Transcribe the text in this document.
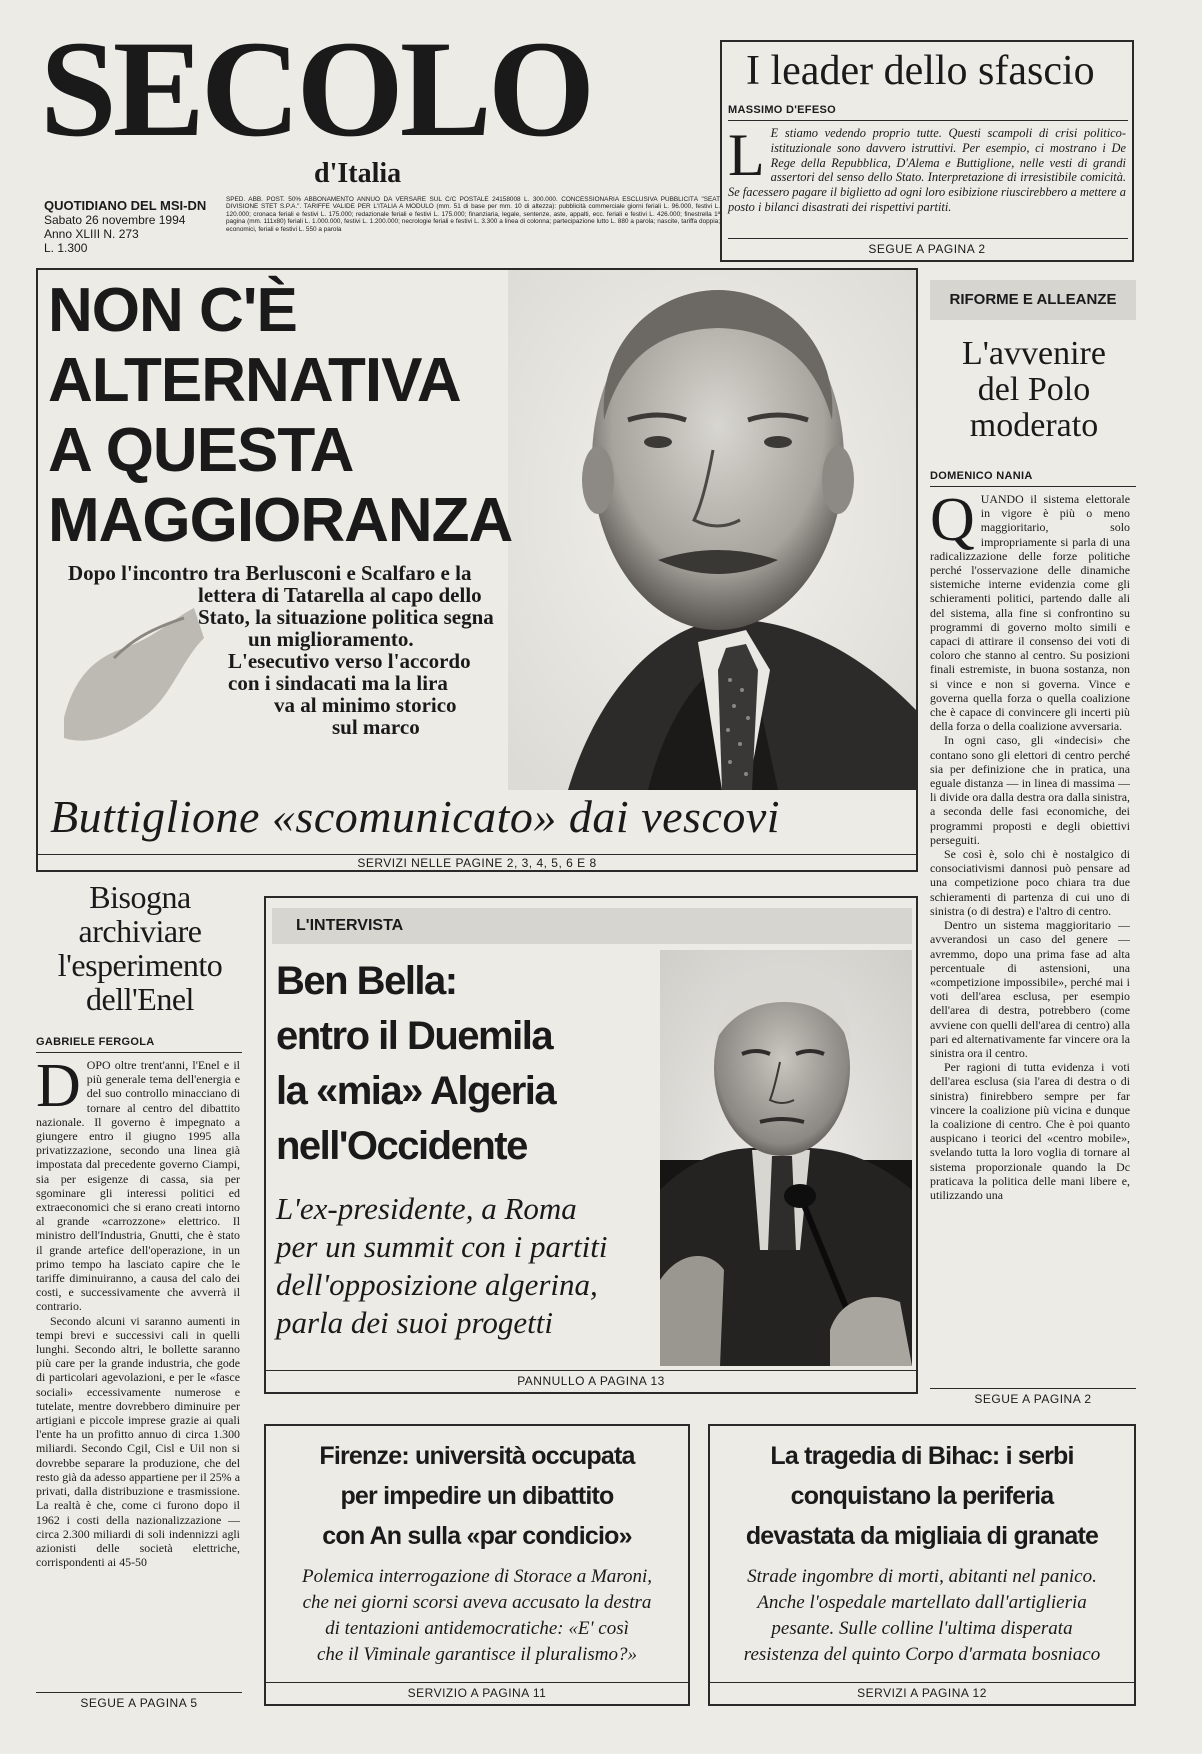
SECOLO
d'Italia
QUOTIDIANO DEL MSI-DN
Sabato 26 novembre 1994
Anno XLIII N. 273
L. 1.300
SPED. ABB. POST. 50% ABBONAMENTO ANNUO DA VERSARE SUL C/C POSTALE 24158008 L. 300.000. CONCESSIONARIA ESCLUSIVA PUBBLICITÀ "SEAT DIVISIONE STET S.P.A.". TARIFFE VALIDE PER L'ITALIA A MODULO (mm. 51 di base per mm. 10 di altezza): pubblicità commerciale giorni feriali L. 96.000, festivi L. 120.000; cronaca feriali e festivi L. 175.000; redazionale feriali e festivi L. 175.000; finanziaria, legale, sentenze, aste, appalti, ecc. feriali e festivi L. 426.000; finestrella 1ª pagina (mm. 111x80) feriali L. 1.000.000, festivi L. 1.200.000; necrologie feriali e festivi L. 3.300 a linea di colonna; partecipazione lutto L. 880 a parola; nascite, tariffa doppia; economici, feriali e festivi L. 550 a parola
I leader dello sfascio
MASSIMO D'EFESO
L E stiamo vedendo proprio tutte. Questi scampoli di crisi politico-istituzionale sono davvero istruttivi. Per esempio, ci mostrano i De Rege della Repubblica, D'Alema e Buttiglione, nelle vesti di grandi assertori del senso dello Stato. Interpretazione di irresistibile comicità. Se facessero pagare il biglietto ad ogni loro esibizione riuscirebbero a mettere a posto i bilanci disastrati dei rispettivi partiti.
SEGUE A PAGINA 2
NON C'È
ALTERNATIVA
A QUESTA
MAGGIORANZA
Dopo l'incontro tra Berlusconi e Scalfaro e la
lettera di Tatarella al capo dello
Stato, la situazione politica segna
un miglioramento.
L'esecutivo verso l'accordo
con i sindacati ma la lira
va al minimo storico
sul marco
Buttiglione «scomunicato» dai vescovi
SERVIZI NELLE PAGINE 2, 3, 4, 5, 6 E 8
RIFORME E ALLEANZE
L'avvenire del Polo moderato
DOMENICO NANIA
QUANDO il sistema elettorale in vigore è più o meno maggioritario, solo impropriamente si parla di una radicalizzazione delle forze politiche perché l'osservazione delle dinamiche sistemiche interne evidenzia come gli schieramenti politici, partendo dalle ali del sistema, alla fine si confrontino su programmi di governo molto simili e capaci di attirare il consenso dei voti di coloro che stanno al centro. Su posizioni finali estremiste, in buona sostanza, non si vince e non si governa. Vince e governa quella forza o quella coalizione che è capace di convincere gli incerti più della forza o della coalizione avversaria.
In ogni caso, gli «indecisi» che contano sono gli elettori di centro perché sia per definizione che in pratica, una eguale distanza — in linea di massima — li divide ora dalla destra ora dalla sinistra, a seconda delle fasi economiche, dei programmi proposti e degli obiettivi perseguiti.
Se così è, solo chi è nostalgico di consociativismi dannosi può pensare ad una competizione poco chiara tra due schieramenti di partenza di cui uno di sinistra (o di destra) e l'altro di centro.
Dentro un sistema maggioritario — avverandosi un caso del genere — avremmo, dopo una prima fase ad alta percentuale di astensioni, una «competizione impossibile», perché mai i voti dell'area esclusa, per esempio dell'area di destra, potrebbero (come avviene con quelli dell'area di centro) alla pari ed alternativamente far vincere ora la sinistra ora il centro.
Per ragioni di tutta evidenza i voti dell'area esclusa (sia l'area di destra o di sinistra) finirebbero sempre per far vincere la coalizione più vicina e dunque la coalizione di centro. Che è poi quanto auspicano i teorici del «centro mobile», svelando tutta la loro voglia di tornare al sistema proporzionale quando la Dc praticava la politica delle mani libere e, utilizzando una
SEGUE A PAGINA 2
Bisogna archiviare l'esperimento dell'Enel
GABRIELE FERGOLA
DOPO oltre trent'anni, l'Enel e il più generale tema dell'energia e del suo controllo minacciano di tornare al centro del dibattito nazionale. Il governo è impegnato a giungere entro il giugno 1995 alla privatizzazione, secondo una linea già impostata dal precedente governo Ciampi, sia per esigenze di cassa, sia per sgominare gli interessi politici ed extraeconomici che si erano creati intorno al grande «carrozzone» elettrico. Il ministro dell'Industria, Gnutti, che è stato il grande artefice dell'operazione, in un primo tempo ha lasciato capire che le tariffe diminuiranno, a causa del calo dei costi, e successivamente che avverrà il contrario.
Secondo alcuni vi saranno aumenti in tempi brevi e successivi cali in quelli lunghi. Secondo altri, le bollette saranno più care per la grande industria, che gode di particolari agevolazioni, e per le «fasce sociali» eccessivamente numerose e tutelate, mentre dovrebbero diminuire per artigiani e piccole imprese grazie ai quali l'ente ha un profitto annuo di circa 1.300 miliardi. Secondo Cgil, Cisl e Uil non si dovrebbe separare la produzione, che del resto già da adesso appartiene per il 25% a privati, dalla distribuzione e trasmissione. La realtà è che, come ci furono dopo il 1962 i costi della nazionalizzazione — circa 2.300 miliardi di soli indennizzi agli azionisti delle società elettriche, corrispondenti ai 45-50
SEGUE A PAGINA 5
L'INTERVISTA
Ben Bella:
entro il Duemila
la «mia» Algeria
nell'Occidente
L'ex-presidente, a Roma
per un summit con i partiti
dell'opposizione algerina,
parla dei suoi progetti
PANNULLO A PAGINA 13
Firenze: università occupata
per impedire un dibattito
con An sulla «par condicio»
Polemica interrogazione di Storace a Maroni,
che nei giorni scorsi aveva accusato la destra
di tentazioni antidemocratiche: «E' così
che il Viminale garantisce il pluralismo?»
SERVIZIO A PAGINA 11
La tragedia di Bihac: i serbi
conquistano la periferia
devastata da migliaia di granate
Strade ingombre di morti, abitanti nel panico.
Anche l'ospedale martellato dall'artiglieria
pesante. Sulle colline l'ultima disperata
resistenza del quinto Corpo d'armata bosniaco
SERVIZI A PAGINA 12
